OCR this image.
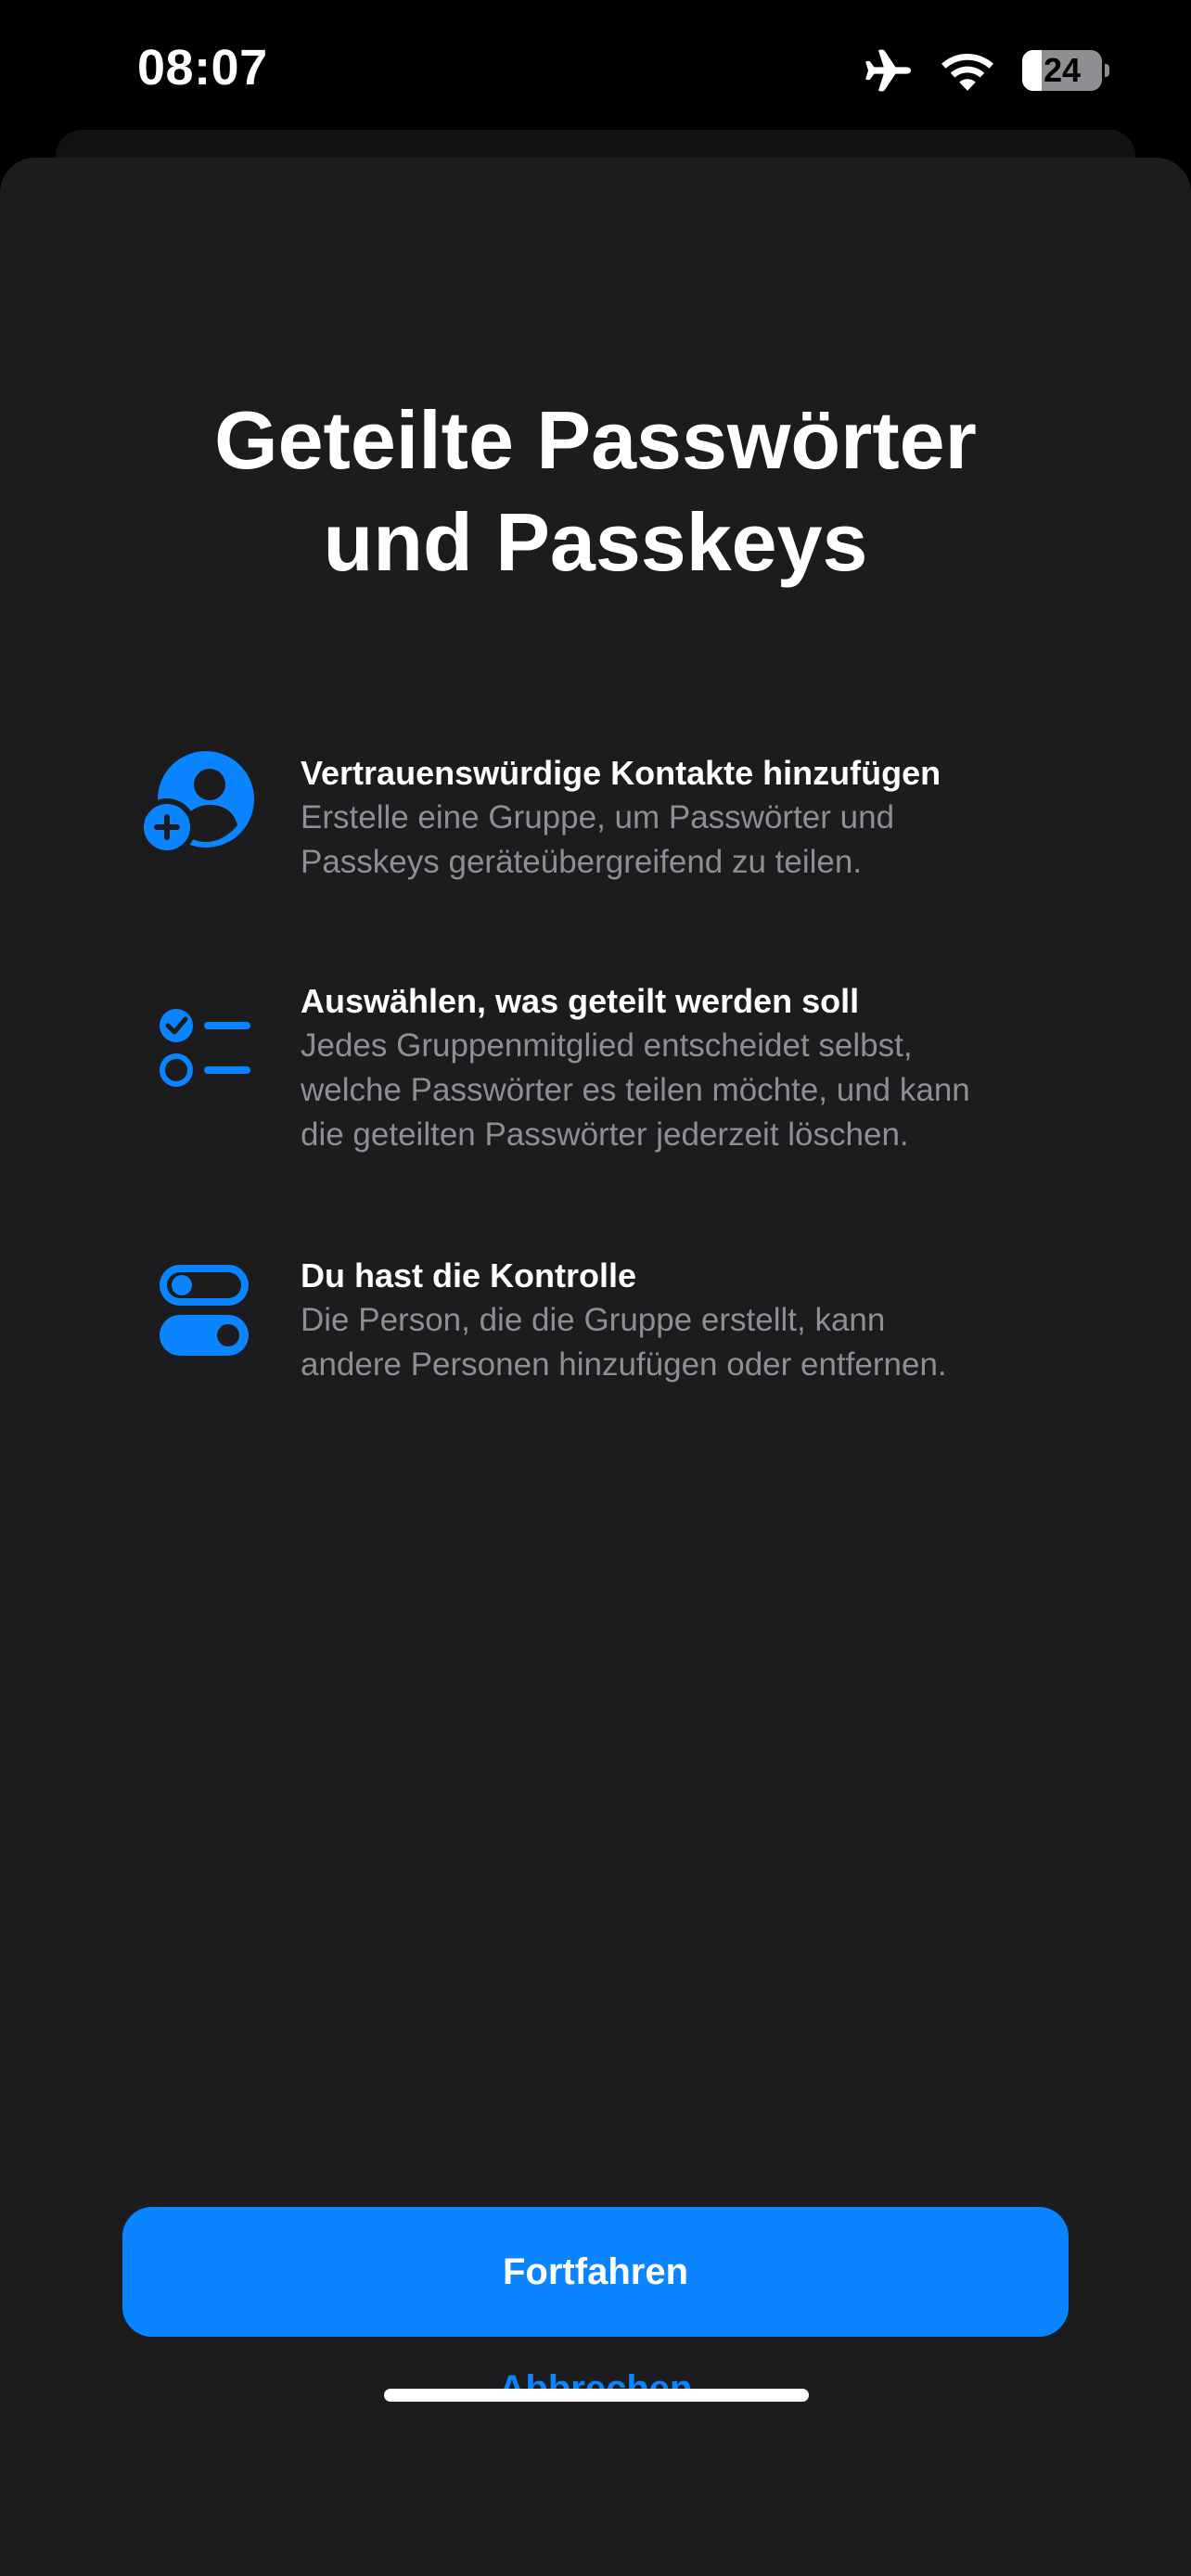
08:07	24
Geteilte Passwörter
und Passkeys
Vertrauenswürdige Kontakte hinzufügen
Erstelle eine Gruppe, um Passwörter und
Passkeys geräteübergreifend zu teilen.
Auswählen, was geteilt werden soll
Jedes Gruppenmitglied entscheidet selbst,
welche Passwörter es teilen möchte, und kann
die geteilten Passwörter jederzeit löschen.
Du hast die Kontrolle
Die Person, die die Gruppe erstellt, kann
andere Personen hinzufügen oder entfernen.
Fortfahren
